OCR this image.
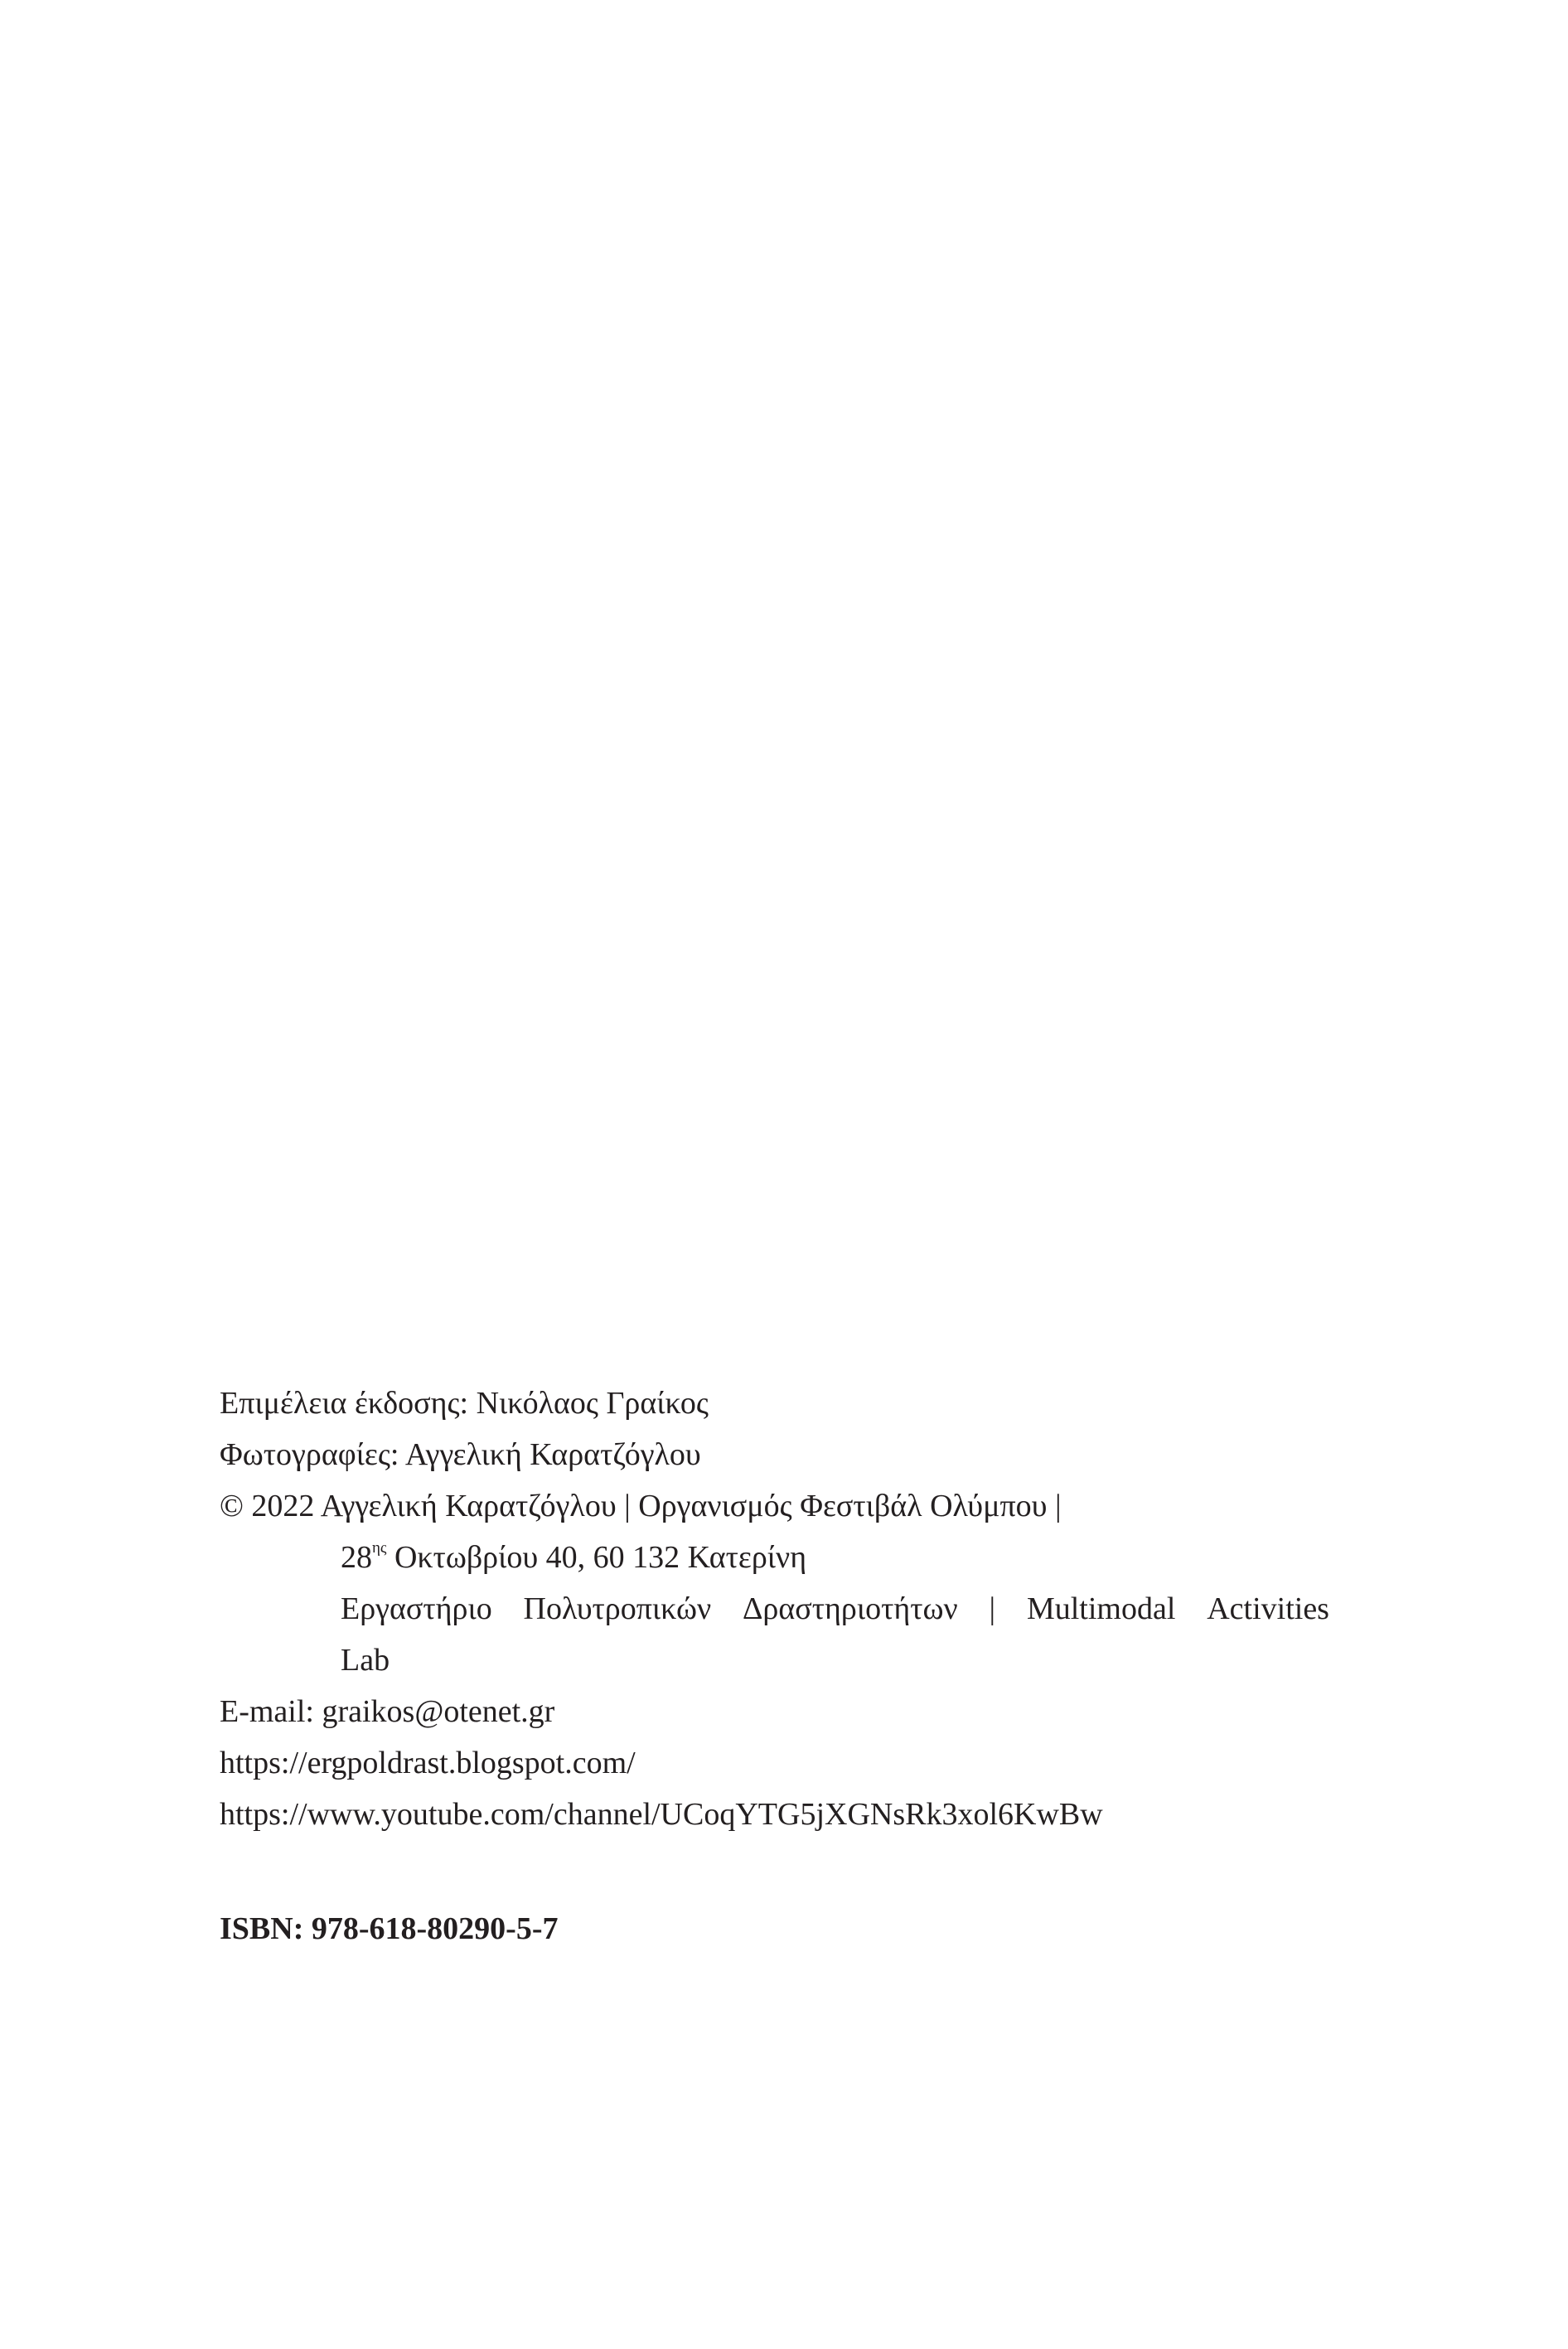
Επιμέλεια έκδοσης: Νικόλαος Γραίκος
Φωτογραφίες: Αγγελική Καρατζόγλου
© 2022 Αγγελική Καρατζόγλου | Οργανισμός Φεστιβάλ Ολύμπου |
$28^{\eta\varsigma}$ Οκτωβρίου 40, 60 132 Κατερίνη
Εργαστήριο Πολυτροπικών Δραστηριοτήτων | Multimodal Activities
Lab
E-mail: graikos@otenet.gr
https://ergpoldrast.blogspot.com/
https://www.youtube.com/channel/UCoqYTG5jXGNsRk3xol6KwBw
ISBN: 978-618-80290-5-7
